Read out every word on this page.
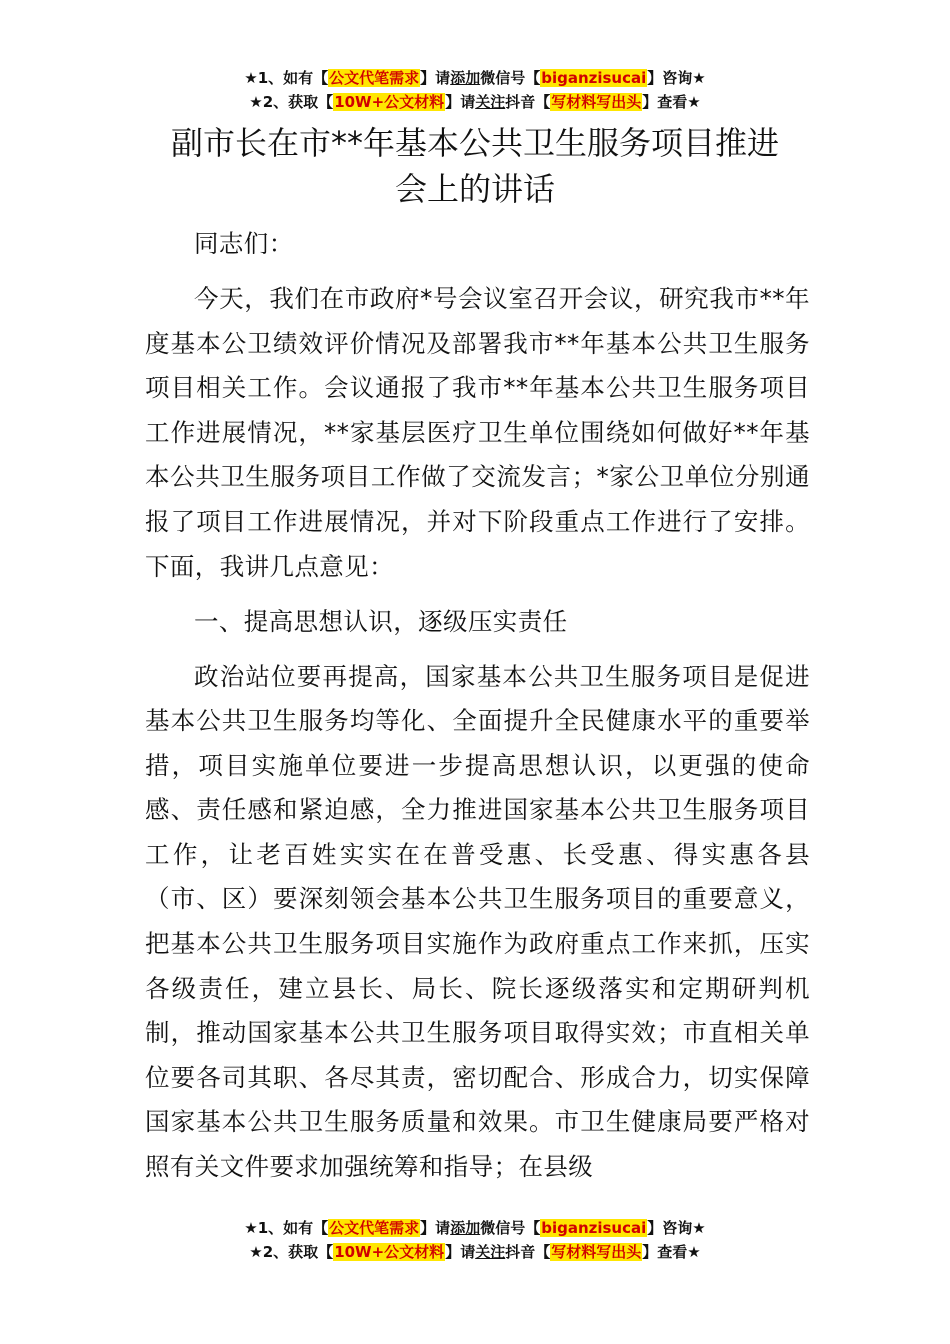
★1、如有【公文代笔需求】请添加微信号【biganzisucai】咨询★
★2、获取【10W+公文材料】请关注抖音【写材料写出头】查看★
副市长在市**年基本公共卫生服务项目推进
会上的讲话

同志们：

今天，我们在市政府*号会议室召开会议，研究我市**年度基本公卫绩效评价情况及部署我市**年基本公共卫生服务项目相关工作。会议通报了我市**年基本公共卫生服务项目工作进展情况，**家基层医疗卫生单位围绕如何做好**年基本公共卫生服务项目工作做了交流发言；*家公卫单位分别通报了项目工作进展情况，并对下阶段重点工作进行了安排。下面，我讲几点意见：

一、提高思想认识，逐级压实责任

政治站位要再提高，国家基本公共卫生服务项目是促进基本公共卫生服务均等化、全面提升全民健康水平的重要举措，项目实施单位要进一步提高思想认识，以更强的使命感、责任感和紧迫感，全力推进国家基本公共卫生服务项目工作，让老百姓实实在在普受惠、长受惠、得实惠各县（市、区）要深刻领会基本公共卫生服务项目的重要意义，把基本公共卫生服务项目实施作为政府重点工作来抓，压实各级责任，建立县长、局长、院长逐级落实和定期研判机制，推动国家基本公共卫生服务项目取得实效；市直相关单位要各司其职、各尽其责，密切配合、形成合力，切实保障国家基本公共卫生服务质量和效果。市卫生健康局要严格对照有关文件要求加强统筹和指导；在县级

★1、如有【公文代笔需求】请添加微信号【biganzisucai】咨询★
★2、获取【10W+公文材料】请关注抖音【写材料写出头】查看★
